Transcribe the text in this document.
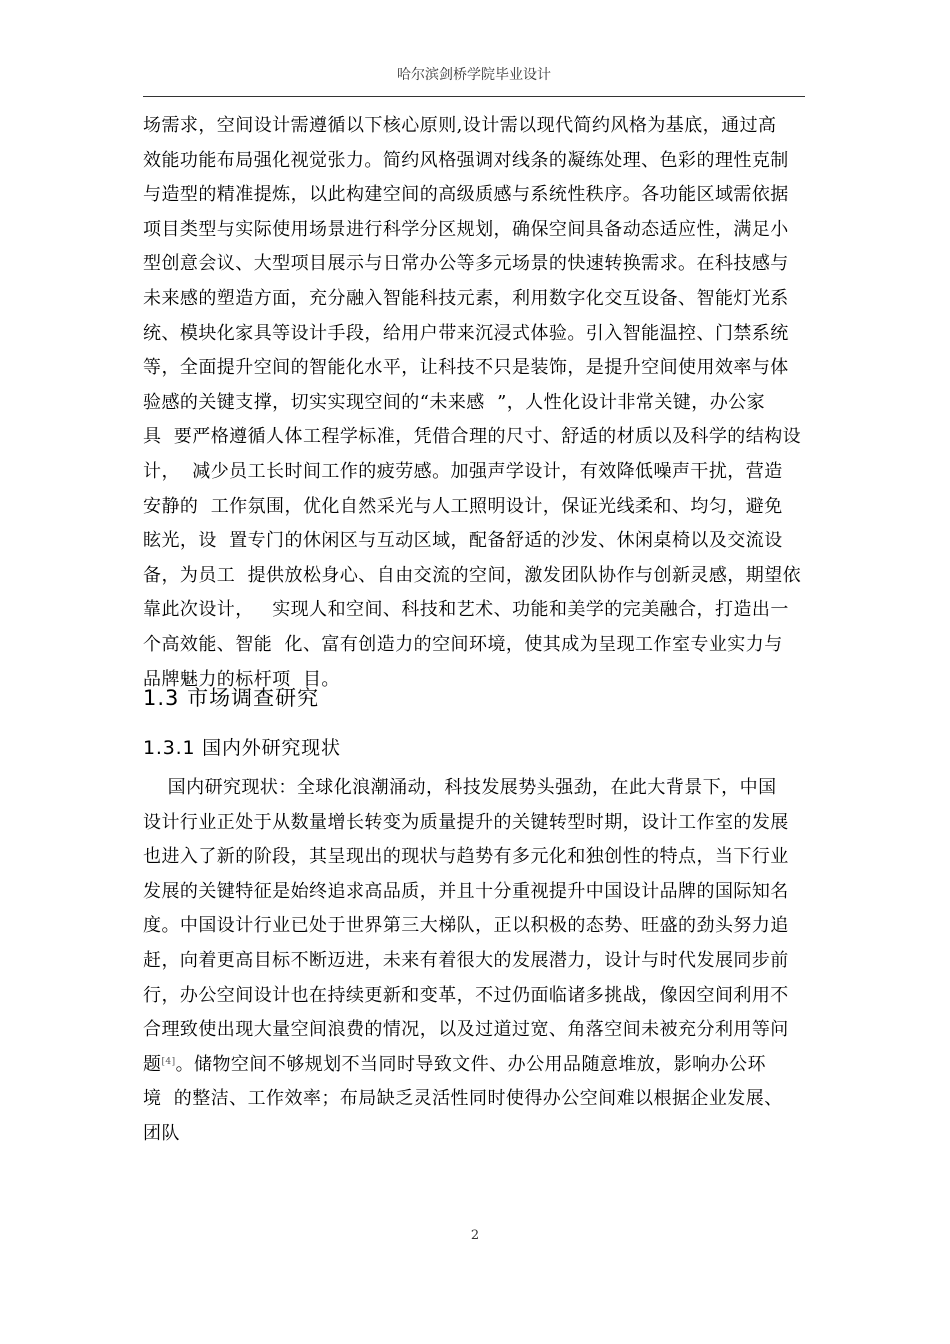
哈尔滨剑桥学院毕业设计
场需求，空间设计需遵循以下核心原则,设计需以现代简约风格为基底，通过高
效能功能布局强化视觉张力。简约风格强调对线条的凝练处理、色彩的理性克制
与造型的精准提炼，以此构建空间的高级质感与系统性秩序。各功能区域需依据
项目类型与实际使用场景进行科学分区规划，确保空间具备动态适应性，满足小
型创意会议、大型项目展示与日常办公等多元场景的快速转换需求。在科技感与
未来感的塑造方面，充分融入智能科技元素，利用数字化交互设备、智能灯光系
统、模块化家具等设计手段，给用户带来沉浸式体验。引入智能温控、门禁系统
等，全面提升空间的智能化水平，让科技不只是装饰，是提升空间使用效率与体
验感的关键支撑，切实实现空间的“未来感  ”，人性化设计非常关键，办公家
具  要严格遵循人体工程学标准，凭借合理的尺寸、舒适的材质以及科学的结构设
计，  减少员工长时间工作的疲劳感。加强声学设计，有效降低噪声干扰，营造
安静的  工作氛围，优化自然采光与人工照明设计，保证光线柔和、均匀，避免
眩光，设  置专门的休闲区与互动区域，配备舒适的沙发、休闲桌椅以及交流设
备，为员工  提供放松身心、自由交流的空间，激发团队协作与创新灵感，期望依
靠此次设计，   实现人和空间、科技和艺术、功能和美学的完美融合，打造出一
个高效能、智能  化、富有创造力的空间环境，使其成为呈现工作室专业实力与
品牌魅力的标杆项  目。
1.3 市场调查研究
1.3.1 国内外研究现状
国内研究现状：全球化浪潮涌动，科技发展势头强劲，在此大背景下，中国
设计行业正处于从数量增长转变为质量提升的关键转型时期，设计工作室的发展
也进入了新的阶段，其呈现出的现状与趋势有多元化和独创性的特点，当下行业
发展的关键特征是始终追求高品质，并且十分重视提升中国设计品牌的国际知名
度。中国设计行业已处于世界第三大梯队，正以积极的态势、旺盛的劲头努力追
赶，向着更高目标不断迈进，未来有着很大的发展潜力，设计与时代发展同步前
行，办公空间设计也在持续更新和变革，不过仍面临诸多挑战，像因空间利用不
合理致使出现大量空间浪费的情况，以及过道过宽、角落空间未被充分利用等问
题[4]。储物空间不够规划不当同时导致文件、办公用品随意堆放，影响办公环
境  的整洁、工作效率；布局缺乏灵活性同时使得办公空间难以根据企业发展、
团队
2
